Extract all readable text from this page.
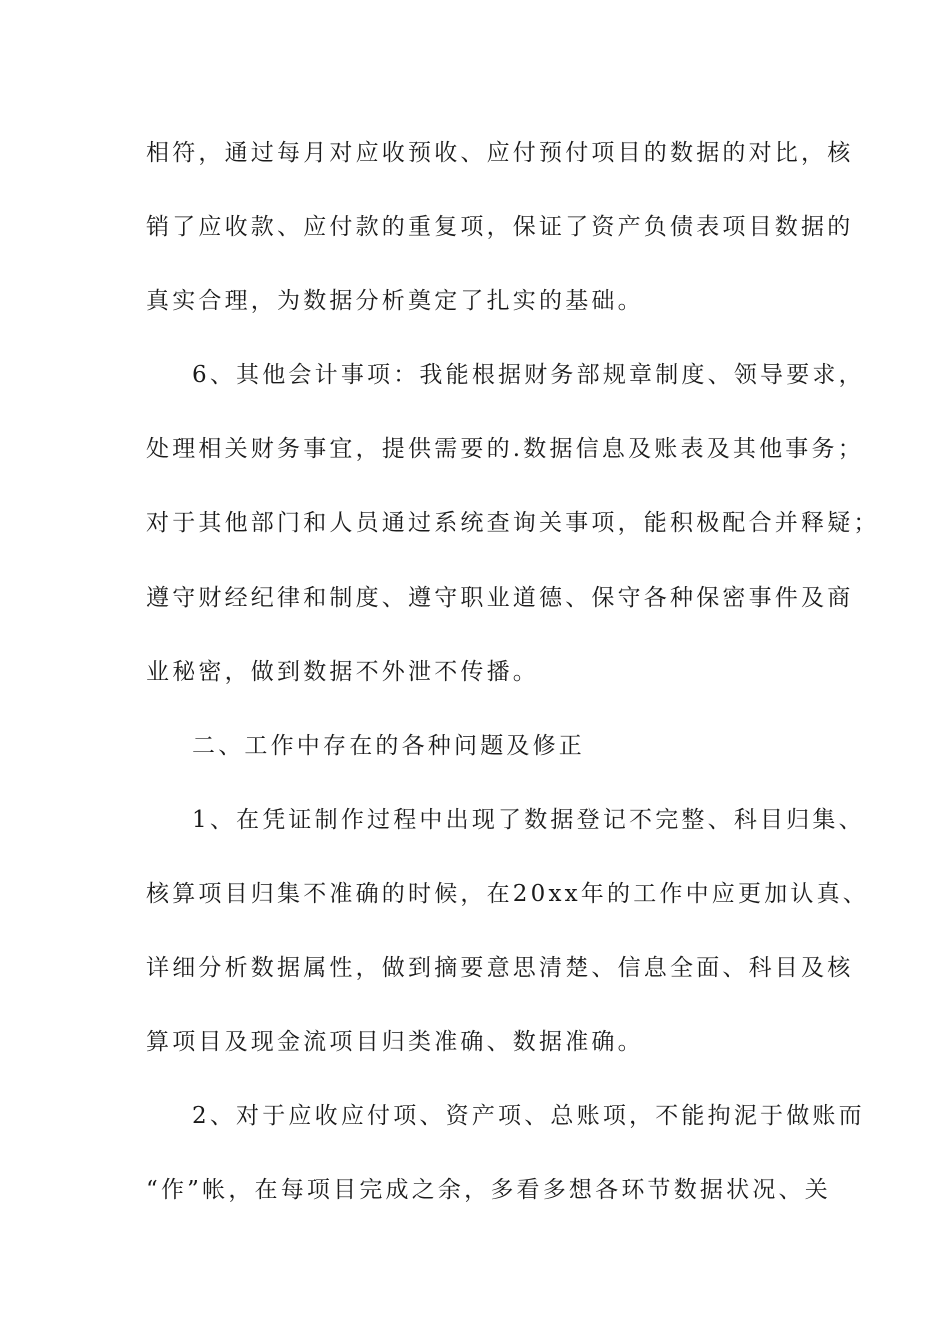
相符，通过每月对应收预收、应付预付项目的数据的对比，核
销了应收款、应付款的重复项，保证了资产负债表项目数据的
真实合理，为数据分析奠定了扎实的基础。
6、其他会计事项：我能根据财务部规章制度、领导要求，
处理相关财务事宜，提供需要的.数据信息及账表及其他事务；
对于其他部门和人员通过系统查询关事项，能积极配合并释疑；
遵守财经纪律和制度、遵守职业道德、保守各种保密事件及商
业秘密，做到数据不外泄不传播。
二、工作中存在的各种问题及修正
1、在凭证制作过程中出现了数据登记不完整、科目归集、
核算项目归集不准确的时候，在20xx年的工作中应更加认真、
详细分析数据属性，做到摘要意思清楚、信息全面、科目及核
算项目及现金流项目归类准确、数据准确。
2、对于应收应付项、资产项、总账项，不能拘泥于做账而
“作”帐，在每项目完成之余，多看多想各环节数据状况、关
